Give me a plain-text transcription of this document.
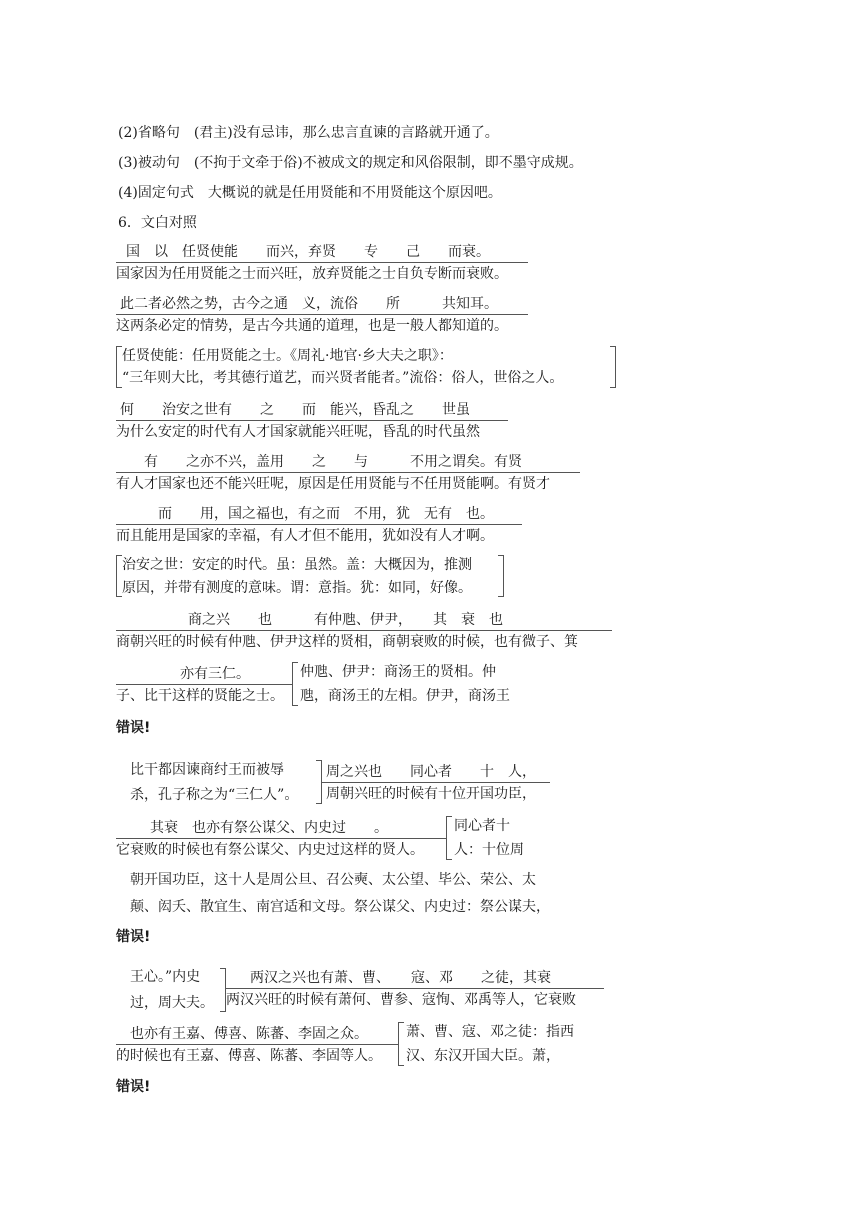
(2)省略句　(君主)没有忌讳，那么忠言直谏的言路就开通了。
(3)被动句　(不拘于文牵于俗)不被成文的规定和风俗限制，即不墨守成规。
(4)固定句式　大概说的就是任用贤能和不用贤能这个原因吧。
6．文白对照
国　以　任贤使能　　而兴，弃贤　　专　　己　　而衰。
国家因为任用贤能之士而兴旺，放弃贤能之士自负专断而衰败。
此二者必然之势，古今之通　义，流俗　　所　　　共知耳。
这两条必定的情势，是古今共通的道理，也是一般人都知道的。
任贤使能：任用贤能之士。《周礼·地官·乡大夫之职》：
“三年则大比，考其德行道艺，而兴贤者能者。”流俗：俗人，世俗之人。
何　　治安之世有　　之　　而　能兴，昏乱之　　世虽
为什么安定的时代有人才国家就能兴旺呢，昏乱的时代虽然
有　　之亦不兴，盖用　　之　　与　　　不用之谓矣。有贤
有人才国家也还不能兴旺呢，原因是任用贤能与不任用贤能啊。有贤才
而　　用，国之福也，有之而　不用，犹　无有　也。
而且能用是国家的幸福，有人才但不能用，犹如没有人才啊。
治安之世：安定的时代。虽：虽然。盖：大概因为，推测
原因，并带有测度的意味。谓：意指。犹：如同，好像。
商之兴　　也　　　有仲虺、伊尹，　　其　衰　也
商朝兴旺的时候有仲虺、伊尹这样的贤相，商朝衰败的时候，也有微子、箕
亦有三仁。
子、比干这样的贤能之士。
仲虺、伊尹：商汤王的贤相。仲
虺，商汤王的左相。伊尹，商汤王
错误!
比干都因谏商纣王而被辱
杀，孔子称之为“三仁人”。
周之兴也　　同心者　　十　人，
周朝兴旺的时候有十位开国功臣，
其衰　也亦有祭公谋父、内史过　　。
它衰败的时候也有祭公谋父、内史过这样的贤人。
同心者十
人：十位周
朝开国功臣，这十人是周公旦、召公奭、太公望、毕公、荣公、太
颠、闳夭、散宜生、南宫适和文母。祭公谋父、内史过：祭公谋夫，
错误!
王心。”内史
过，周大夫。
两汉之兴也有萧、曹、　　寇、邓　　之徒，其衰
两汉兴旺的时候有萧何、曹参、寇恂、邓禹等人，它衰败
也亦有王嘉、傅喜、陈蕃、李固之众。
的时候也有王嘉、傅喜、陈蕃、李固等人。
萧、曹、寇、邓之徒：指西
汉、东汉开国大臣。萧，
错误!
